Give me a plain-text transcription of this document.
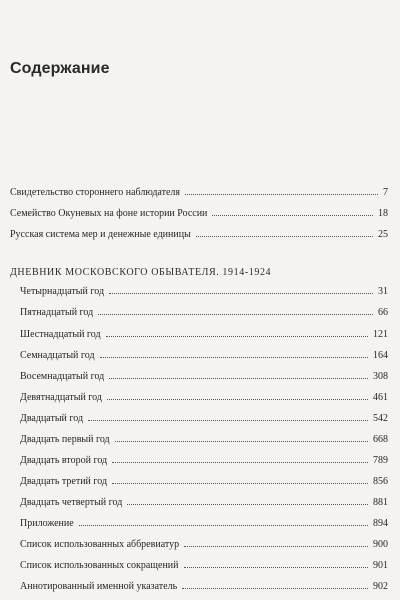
Содержание
Свидетельство стороннего наблюдателя	7
Семейство Окуневых на фоне истории России	18
Русская система мер и денежные единицы	25
ДНЕВНИК МОСКОВСКОГО ОБЫВАТЕЛЯ. 1914-1924
Четырнадцатый год	31
Пятнадцатый год	66
Шестнадцатый год	121
Семнадцатый год	164
Восемнадцатый год	308
Девятнадцатый год	461
Двадцатый год	542
Двадцать первый год	668
Двадцать второй год	789
Двадцать третий год	856
Двадцать четвертый год	881
Приложение	894
Список использованных аббревиатур	900
Список использованных сокращений	901
Аннотированный именной указатель	902
